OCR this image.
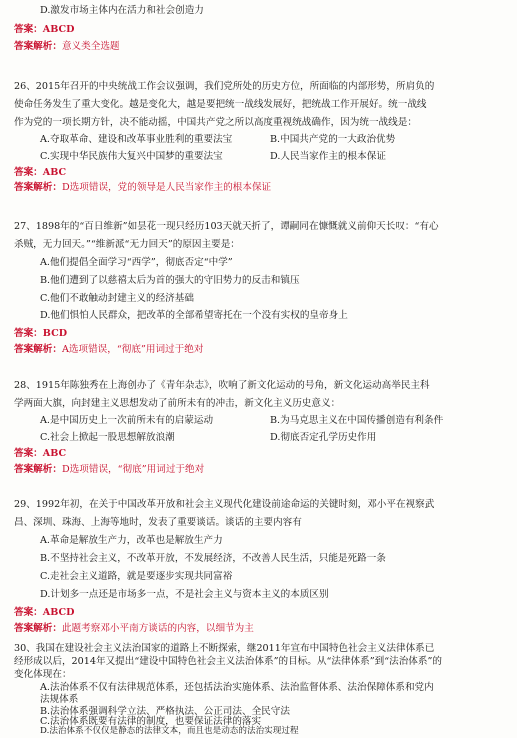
D.激发市场主体内在活力和社会创造力
答案：ABCD
答案解析：意义类全选题
26、2015年召开的中央统战工作会议强调，我们党所处的历史方位，所面临的内部形势，所肩负的
使命任务发生了重大变化。越是变化大，越是要把统一战线发展好，把统战工作开展好。统一战线
作为党的一项长期方针，决不能动摇，中国共产党之所以高度重视统战确作，因为统一战线是：
A.夺取革命、建设和改革事业胜利的重要法宝	B.中国共产党的一大政治优势
C.实现中华民族伟大复兴中国梦的重要法宝	D.人民当家作主的根本保证
答案：ABC
答案解析：D选项错误，党的领导是人民当家作主的根本保证
27、1898年的“百日维新”如昙花一现只经历103天就天折了，谭嗣同在慷慨就义前仰天长叹：“有心
杀贼，无力回天。”“维新派“无力回天”的原因主要是：
A.他们提倡全面学习“西学”，彻底否定“中学”
B.他们遭到了以慈禧太后为首的强大的守旧势力的反击和镇压
C.他们不敢触动封建主义的经济基础
D.他们惧怕人民群众，把改革的全部希望寄托在一个没有实权的皇帝身上
答案：BCD
答案解析：A选项错误，“彻底”用词过于绝对
28、1915年陈独秀在上海创办了《青年杂志》，吹响了新文化运动的号角，新文化运动高举民主科
学两面大旗，向封建主义思想发动了前所未有的冲击，新文化主义历史意义：
A.是中国历史上一次前所未有的启蒙运动	B.为马克思主义在中国传播创造有利条件
C.社会上掀起一股思想解放浪潮	D.彻底否定孔学历史作用
答案：ABC
答案解析：D选项错误，“彻底”用词过于绝对
29、1992年初，在关于中国改革开放和社会主义现代化建设前途命运的关键时刻，邓小平在视察武
昌、深圳、珠海、上海等地时，发表了重要谈话。谈话的主要内容有
A.革命是解放生产力，改革也是解放生产力
B.不坚持社会主义，不改革开放，不发展经济，不改善人民生活，只能是死路一条
C.走社会主义道路，就是要逐步实现共同富裕
D.计划多一点还是市场多一点，不是社会主义与资本主义的本质区别
答案：ABCD
答案解析：此题考察邓小平南方谈话的内容，以细节为主
30、我国在建设社会主义法治国家的道路上不断探索，继2011年宣布中国特色社会主义法律体系已
经形成以后，2014年又提出“建设中国特色社会主义法治体系”的目标。从“法律体系”到“法治体系”的
变化体现在：
A.法治体系不仅有法律规范体系，还包括法治实施体系、法治监督体系、法治保障体系和党内
法规体系
B.法治体系强调科学立法、严格执法、公正司法、全民守法
C.法治体系既要有法律的制度，也要保证法律的落实
D.法治体系不仅仅是静态的法律文本，而且也是动态的法治实现过程
